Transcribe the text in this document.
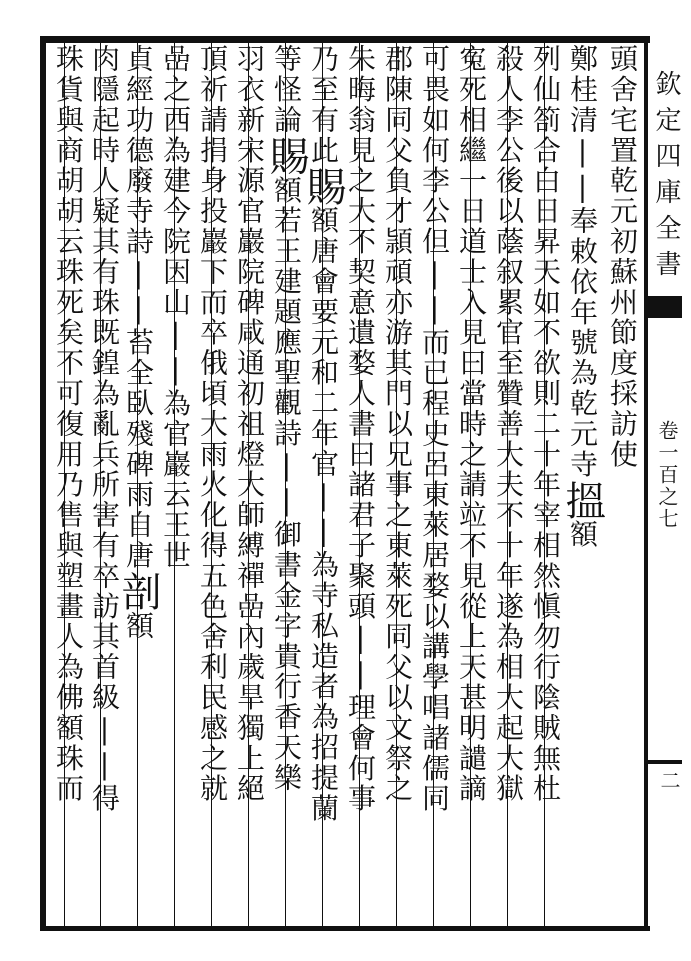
欽定四庫全書
卷一百之七
二
頭舍宅置乾元初蘇州節度採訪使
鄭桂清||奉敕依年號為乾元寺搵額
列仙箚合白日昇天如不欲則二十年宰相然愼勿行陰賊無杜
殺人李公後以蔭叙累官至贊善大夫不十年遂為相大起大獄
寃死相繼一日道士入見曰當時之請竝不見從上天甚明譴謫
可畏如何李公但||而已程史呂東萊居婺以講學唱諸儒同
郡陳同父負才頴頑亦游其門以兄事之東萊死同父以文祭之
朱晦翁見之大不契意遺婺人書曰諸君子聚頭||理會何事
乃至有此賜額唐會要元和二年官||為寺私造者為招提蘭
等怪論賜額若王建題應聖觀詩||御書金字貴行香天樂
羽衣新宋源官巖院碑咸通初祖燈大師縛禪嵒內歲旱獨上絕
頂祈請捐身投巖下而卒俄頃大雨火化得五色舍利民感之就
嵒之西為建今院因山||為官巖云王世
貞經功德廢寺詩||苔全臥殘碑雨自唐剖額
肉隱起時人疑其有珠既鍠為亂兵所害有卒訪其首級||得
珠貨與商胡胡云珠死矣不可復用乃售與塑畫人為佛額珠而
